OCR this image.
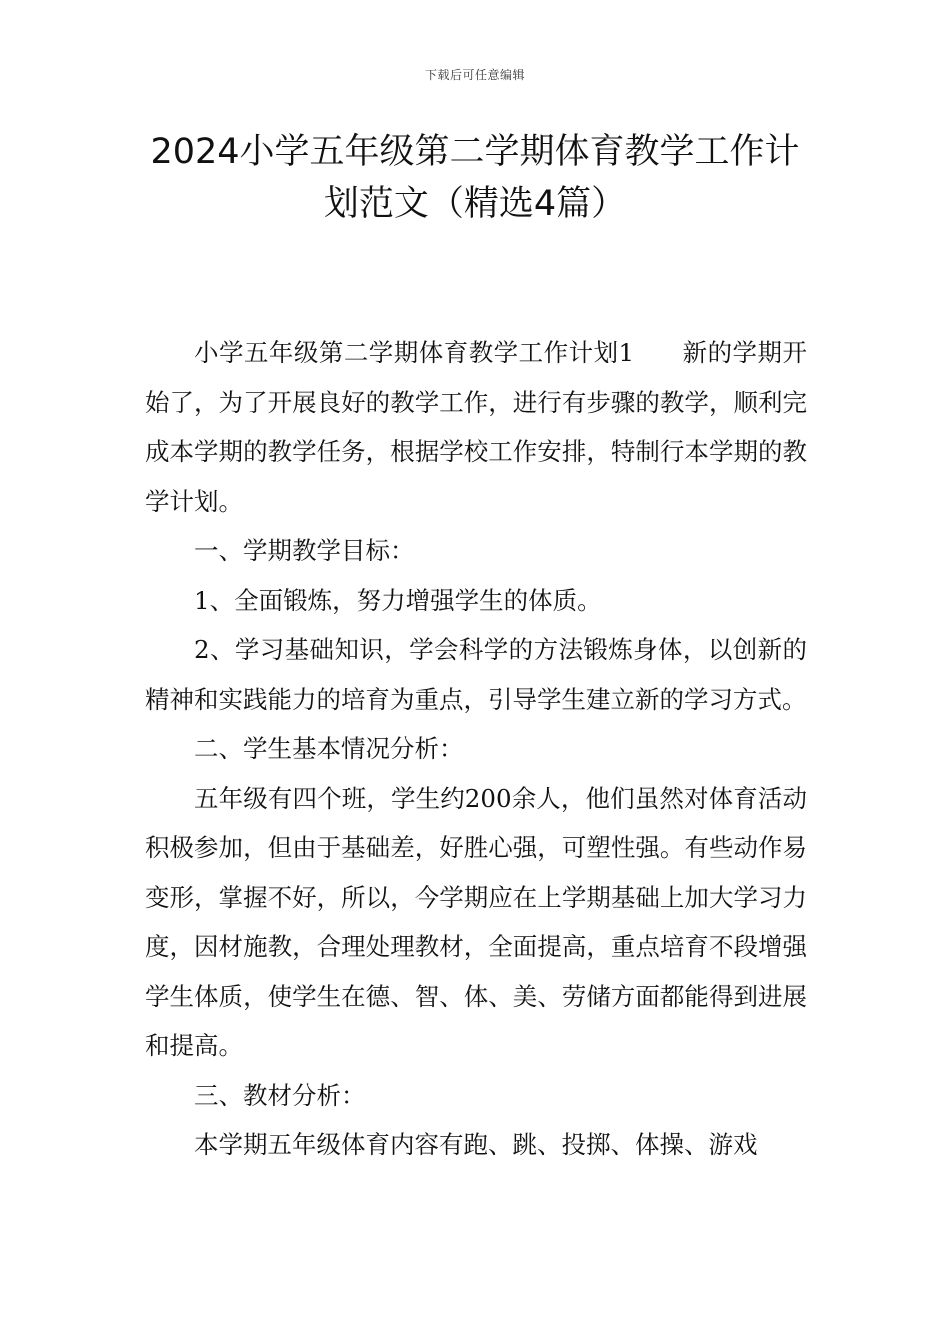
下载后可任意编辑
2024小学五年级第二学期体育教学工作计划范文（精选4篇）

小学五年级第二学期体育教学工作计划1 新的学期开始了，为了开展良好的教学工作，进行有步骤的教学，顺利完成本学期的教学任务，根据学校工作安排，特制行本学期的教学计划。

一、学期教学目标：

1、全面锻炼，努力增强学生的体质。

2、学习基础知识，学会科学的方法锻炼身体，以创新的精神和实践能力的培育为重点，引导学生建立新的学习方式。

二、学生基本情况分析：

五年级有四个班，学生约200余人，他们虽然对体育活动积极参加，但由于基础差，好胜心强，可塑性强。有些动作易变形，掌握不好，所以，今学期应在上学期基础上加大学习力度，因材施教，合理处理教材，全面提高，重点培育不段增强学生体质，使学生在德、智、体、美、劳储方面都能得到进展和提高。

三、教材分析：

本学期五年级体育内容有跑、跳、投掷、体操、游戏
